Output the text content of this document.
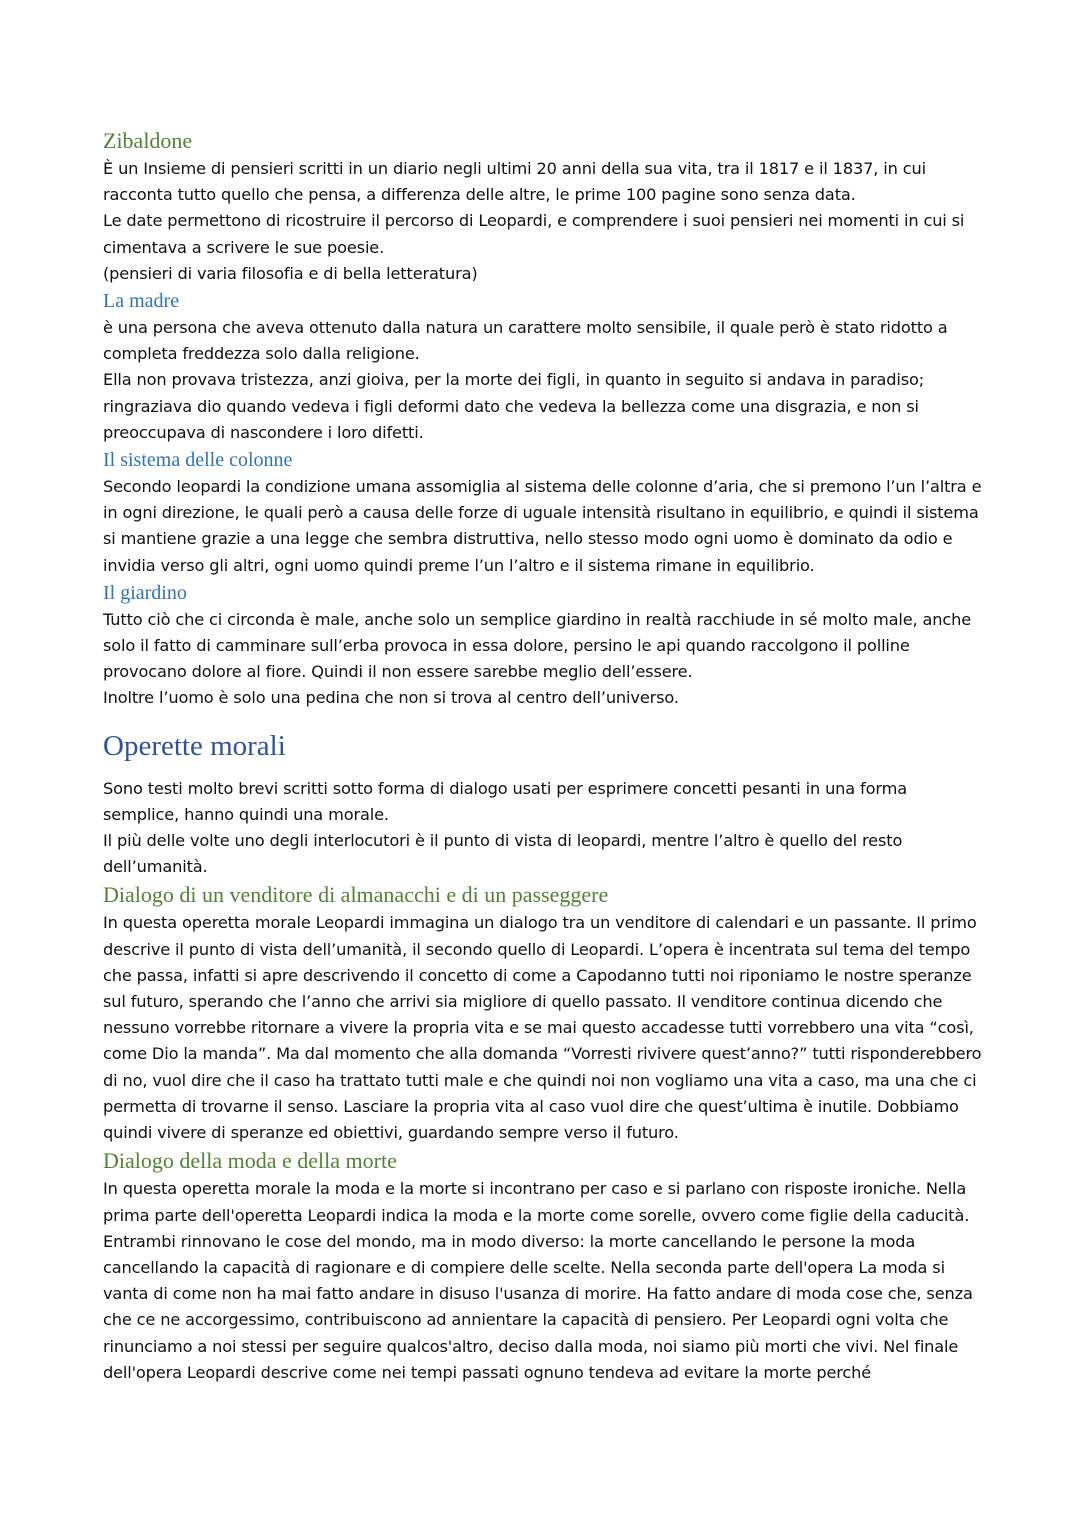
Zibaldone

È un Insieme di pensieri scritti in un diario negli ultimi 20 anni della sua vita, tra il 1817 e il 1837, in cui racconta tutto quello che pensa, a differenza delle altre, le prime 100 pagine sono senza data.

Le date permettono di ricostruire il percorso di Leopardi, e comprendere i suoi pensieri nei momenti in cui si cimentava a scrivere le sue poesie.

(pensieri di varia filosofia e di bella letteratura)

La madre

è una persona che aveva ottenuto dalla natura un carattere molto sensibile, il quale però è stato ridotto a completa freddezza solo dalla religione.

Ella non provava tristezza, anzi gioiva, per la morte dei figli, in quanto in seguito si andava in paradiso; ringraziava dio quando vedeva i figli deformi dato che vedeva la bellezza come una disgrazia, e non si preoccupava di nascondere i loro difetti.

Il sistema delle colonne

Secondo leopardi la condizione umana assomiglia al sistema delle colonne d’aria, che si premono l’un l’altra e in ogni direzione, le quali però a causa delle forze di uguale intensità risultano in equilibrio, e quindi il sistema si mantiene grazie a una legge che sembra distruttiva, nello stesso modo ogni uomo è dominato da odio e invidia verso gli altri, ogni uomo quindi preme l’un l’altro e il sistema rimane in equilibrio.

Il giardino

Tutto ciò che ci circonda è male, anche solo un semplice giardino in realtà racchiude in sé molto male, anche solo il fatto di camminare sull’erba provoca in essa dolore, persino le api quando raccolgono il polline provocano dolore al fiore. Quindi il non essere sarebbe meglio dell’essere.

Inoltre l’uomo è solo una pedina che non si trova al centro dell’universo.

Operette morali

Sono testi molto brevi scritti sotto forma di dialogo usati per esprimere concetti pesanti in una forma semplice, hanno quindi una morale.

Il più delle volte uno degli interlocutori è il punto di vista di leopardi, mentre l’altro è quello del resto dell’umanità.

Dialogo di un venditore di almanacchi e di un passeggere

In questa operetta morale Leopardi immagina un dialogo tra un venditore di calendari e un passante. Il primo descrive il punto di vista dell’umanità, il secondo quello di Leopardi. L’opera è incentrata sul tema del tempo che passa, infatti si apre descrivendo il concetto di come a Capodanno tutti noi riponiamo le nostre speranze sul futuro, sperando che l’anno che arrivi sia migliore di quello passato. Il venditore continua dicendo che nessuno vorrebbe ritornare a vivere la propria vita e se mai questo accadesse tutti vorrebbero una vita “così, come Dio la manda”. Ma dal momento che alla domanda “Vorresti rivivere quest’anno?” tutti risponderebbero di no, vuol dire che il caso ha trattato tutti male e che quindi noi non vogliamo una vita a caso, ma una che ci permetta di trovarne il senso. Lasciare la propria vita al caso vuol dire che quest’ultima è inutile. Dobbiamo quindi vivere di speranze ed obiettivi, guardando sempre verso il futuro.

Dialogo della moda e della morte

In questa operetta morale la moda e la morte si incontrano per caso e si parlano con risposte ironiche. Nella prima parte dell'operetta Leopardi indica la moda e la morte come sorelle, ovvero come figlie della caducità. Entrambi rinnovano le cose del mondo, ma in modo diverso: la morte cancellando le persone la moda cancellando la capacità di ragionare e di compiere delle scelte. Nella seconda parte dell'opera La moda si vanta di come non ha mai fatto andare in disuso l'usanza di morire. Ha fatto andare di moda cose che, senza che ce ne accorgessimo, contribuiscono ad annientare la capacità di pensiero. Per Leopardi ogni volta che rinunciamo a noi stessi per seguire qualcos'altro, deciso dalla moda, noi siamo più morti che vivi. Nel finale dell'opera Leopardi descrive come nei tempi passati ognuno tendeva ad evitare la morte perché
